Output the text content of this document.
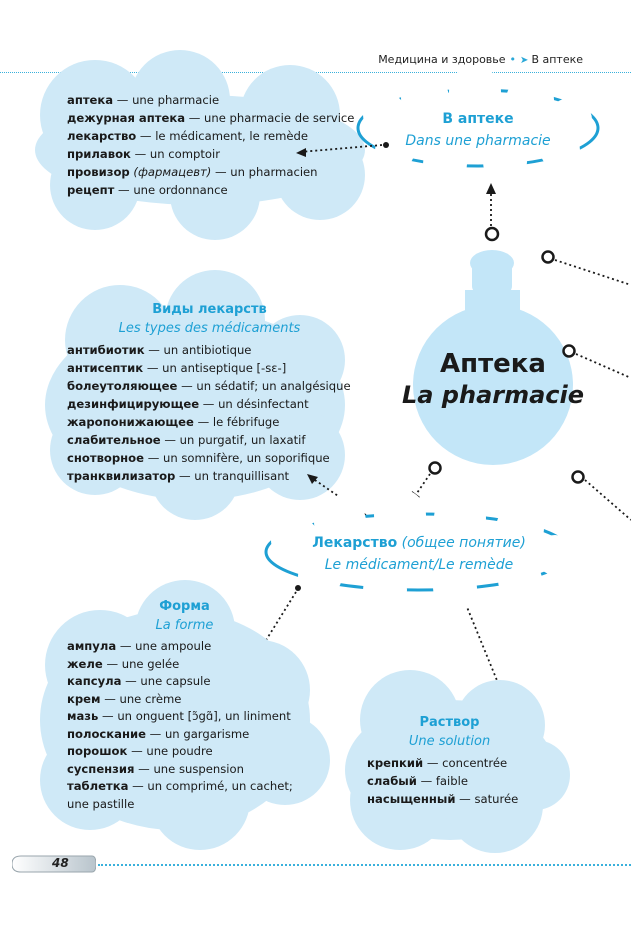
Медицина и здоровье • ➤ В аптеке
аптека — une pharmacie
дежурная аптека — une pharmacie de service
лекарство — le médicament, le remède
прилавок — un comptoir
провизор (фармацевт) — un pharmacien
рецепт — une ordonnance
В аптеке
Dans une pharmacie
Аптека
La pharmacie
Виды лекарств
Les types des médicaments
антибиотик — un antibiotique
антисептик — un antiseptique [-sɛ-]
болеутоляющее — un sédatif; un analgésique
дезинфицирующее — un désinfectant
жаропонижающее — le fébrifuge
слабительное — un purgatif, un laxatif
снотворное — un somnifère, un soporifique
транквилизатор — un tranquillisant
Лекарство (общее понятие)
Le médicament/Le remède
Форма
La forme
ампула — une ampoule
желе — une gelée
капсула — une capsule
крем — une crème
мазь — un onguent [ɔ̃gɑ̃], un liniment
полоскание — un gargarisme
порошок — une poudre
суспензия — une suspension
таблетка — un comprimé, un cachet;
une pastille
Раствор
Une solution
крепкий — concentrée
слабый — faible
насыщенный — saturée
48
